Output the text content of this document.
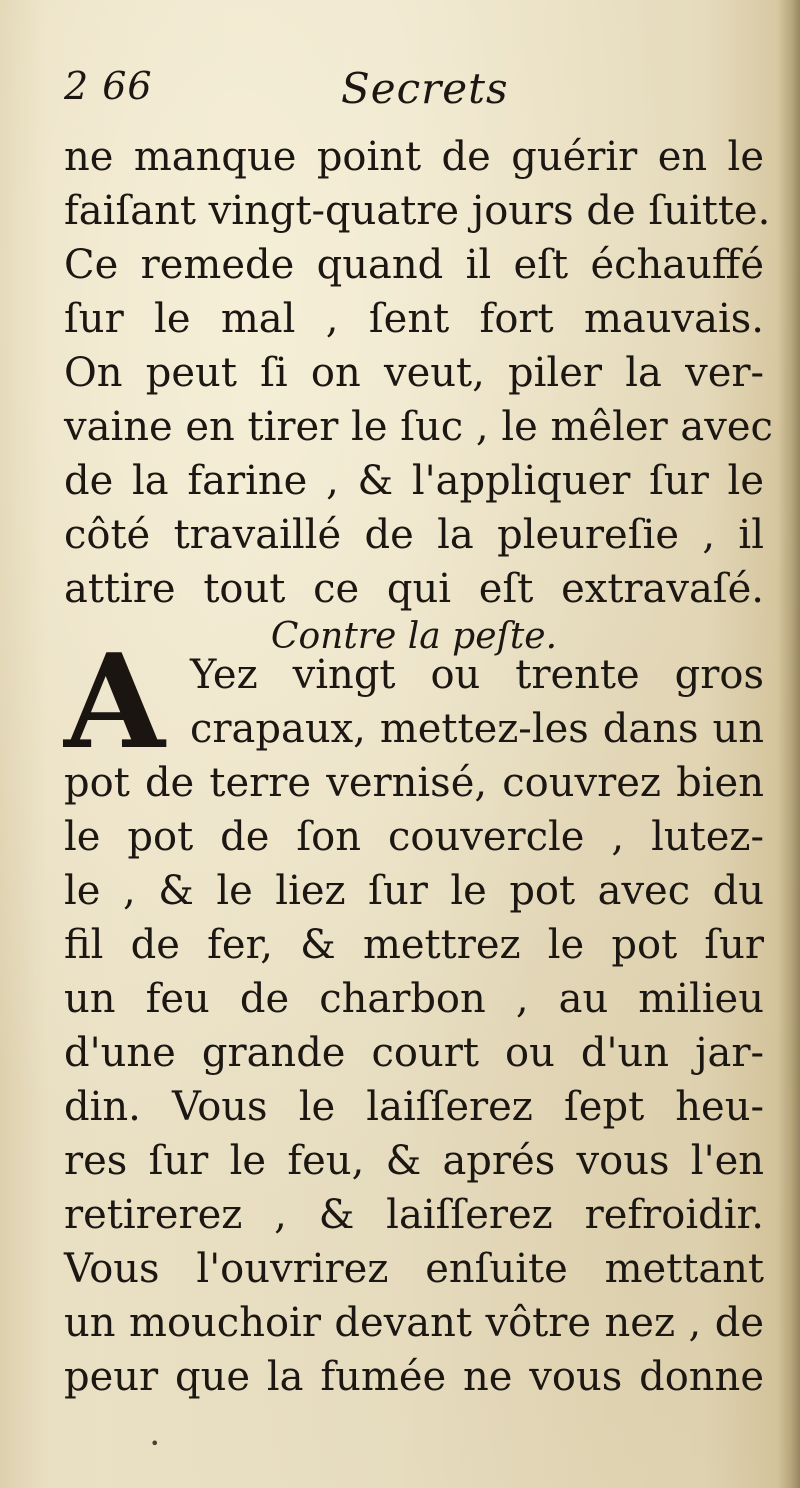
2 66	Secrets
ne manque point de guérir en le
faiſant vingt-quatre jours de ſuitte.
Ce remede quand il eſt échauffé
ſur le mal , ſent fort mauvais.
On peut ſi on veut, piler la ver-
vaine en tirer le ſuc , le mêler avec
de la farine , & l'appliquer ſur le
côté travaillé de la pleureſie , il
attire tout ce qui eſt extravaſé.
Contre la peſte.
A Yez vingt ou trente gros
crapaux, mettez-les dans un
pot de terre vernisé, couvrez bien
le pot de ſon couvercle , lutez-
le , & le liez ſur le pot avec du
fil de fer, & mettrez le pot ſur
un feu de charbon , au milieu
d'une grande court ou d'un jar-
din. Vous le laiſſerez ſept heu-
res ſur le feu, & aprés vous l'en
retirerez , & laiſſerez refroidir.
Vous l'ouvrirez enſuite mettant
un mouchoir devant vôtre nez , de
peur que la fumée ne vous donne
•
